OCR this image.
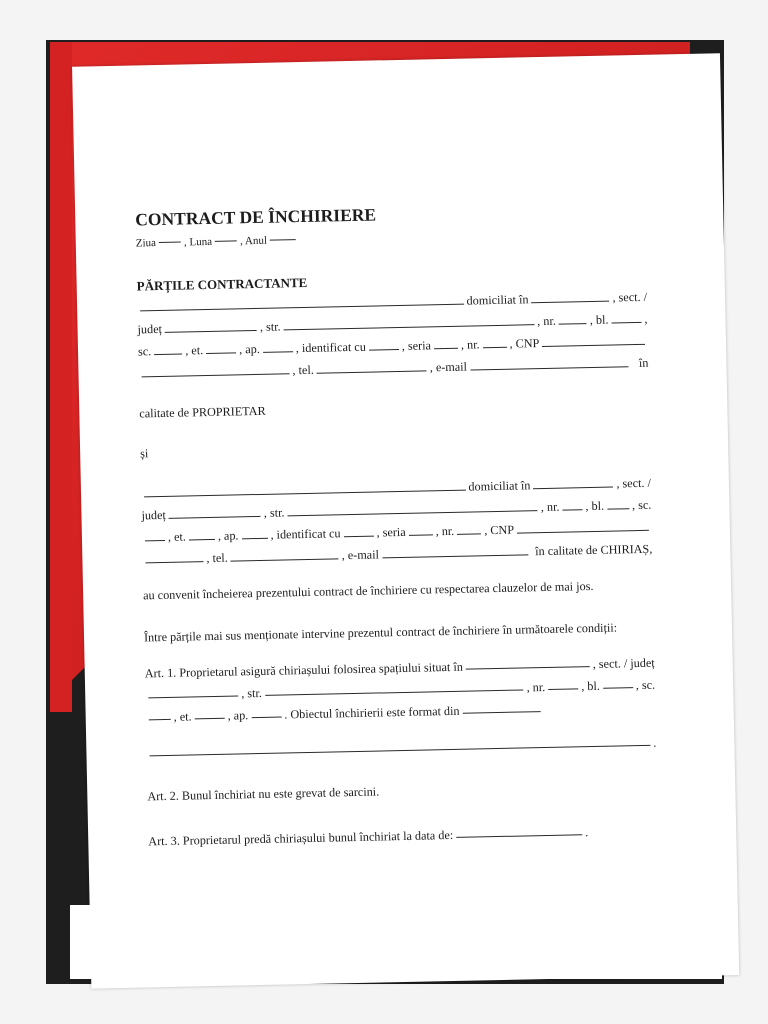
CONTRACT DE ÎNCHIRIERE
Ziua	, Luna	, Anul
PĂRȚILE CONTRACTANTE
domiciliat în	, sect. /
județ	, str.	, nr.	, bl.	,
sc.	, et.	, ap.	, identificat cu	, seria , nr. , CNP
, tel.	, e-mail	în
calitate de PROPRIETAR
și
domiciliat în	, sect. /
județ	, str.	, nr. , bl. , sc.
, et.	, ap.	, identificat cu	, seria , nr. , CNP
, tel.	, e-mail	în calitate de CHIRIAȘ,
au convenit încheierea prezentului contract de închiriere cu respectarea clauzelor de mai jos.
Între părțile mai sus menționate intervine prezentul contract de închiriere în următoarele condiții:
Art. 1. Proprietarul asigură chiriașului folosirea spațiului situat în	, sect. / județ
, str.	, nr.	, bl.	, sc.
, et.	, ap.	. Obiectul închirierii este format din
.
Art. 2. Bunul închiriat nu este grevat de sarcini.
Art. 3. Proprietarul predă chiriașului bunul închiriat la data de:	.
